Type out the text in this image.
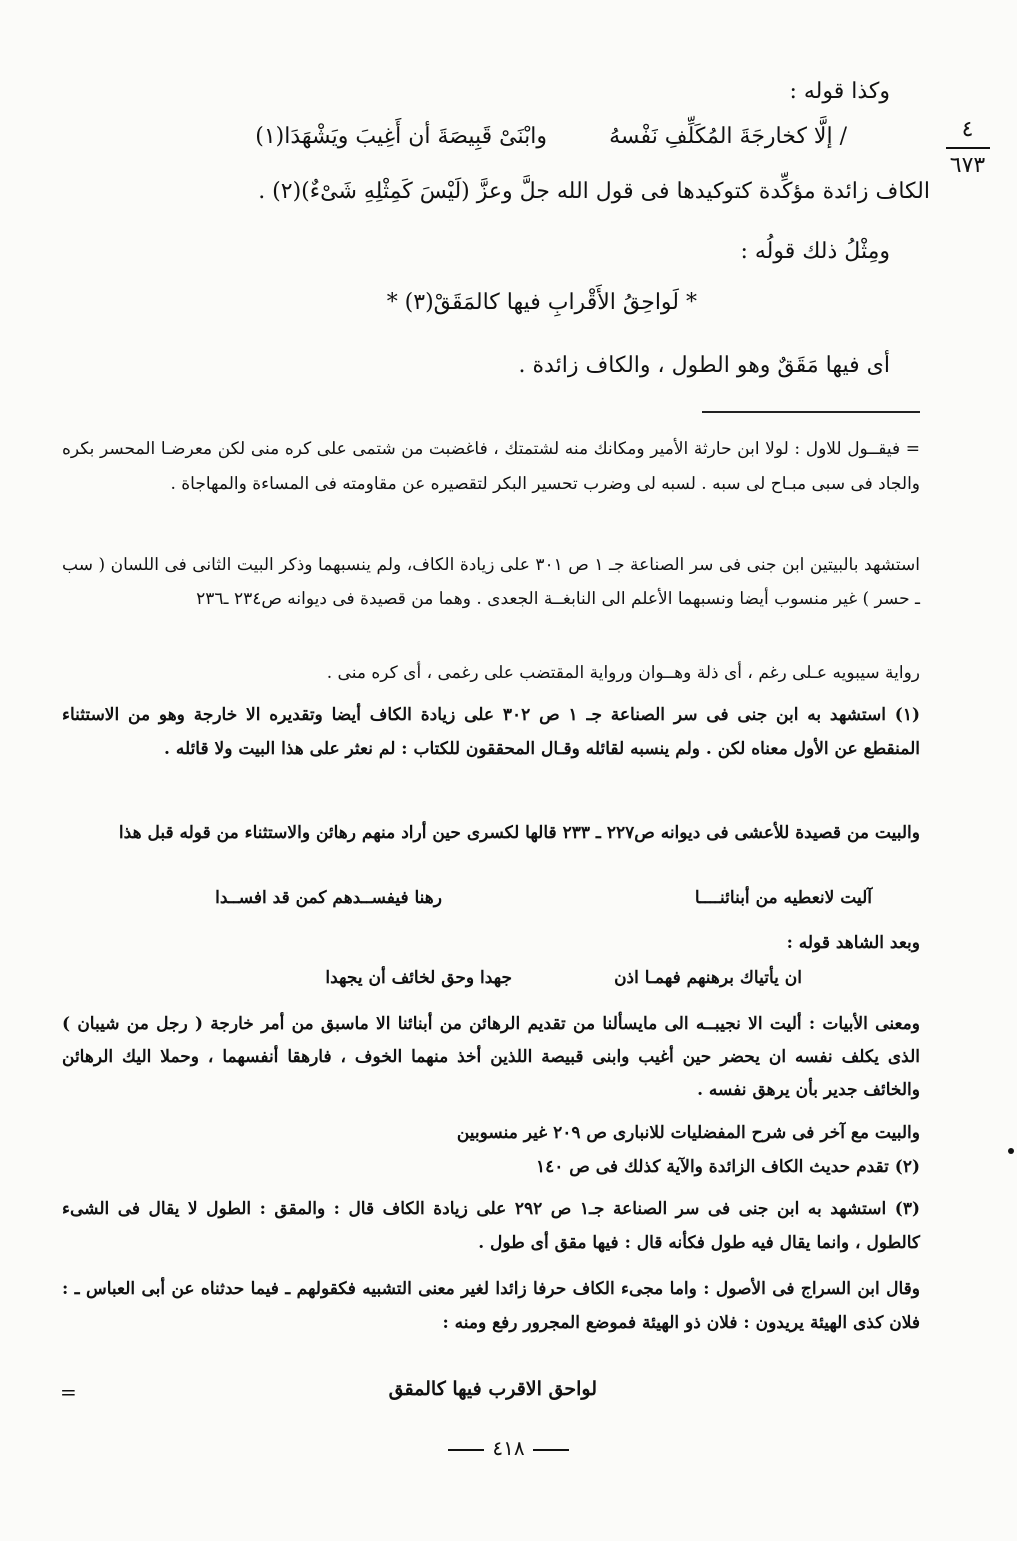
وكذا قوله :
/ إلَّا كخارجَةَ المُكَلِّفِ نَفْسهُ
وابْنَىْ قَبِيصَةَ أن أَغِيبَ ويَشْهَدَا(١)
الكاف زائدة مؤكِّدة كتوكيدها فى قول الله جلَّ وعزَّ (لَيْسَ كَمِثْلِهِ شَىْءٌ)(٢) .
ومِثْلُ ذلك قولُه :
* لَواحِقُ الأَقْرابِ فيها كالمَقَقْ(٣) *
أى فيها مَقَقٌ وهو الطول ، والكاف زائدة .
٤
٦٧٣

= فيقــول للاول : لولا ابن حارثة الأمير ومكانك منه لشتمتك ، فاغضبت من شتمى على كره منى لكن معرضـا المحسر بكره والجاد فى سبى مبـاح لى سبه . لسبه لى وضرب تحسير البكر لتقصيره عن مقاومته فى المساءة والمهاجاة .

استشهد بالبيتين ابن جنى فى سر الصناعة جـ ١ ص ٣٠١ على زيادة الكاف، ولم ينسبهما وذكر البيت الثانى فى اللسان ( سب ـ حسر ) غير منسوب أيضا ونسبهما الأعلم الى النابغــة الجعدى . وهما من قصيدة فى ديوانه ص٢٣٤ ـ٢٣٦

رواية سيبويه عـلى رغم ، أى ذلة وهــوان ورواية المقتضب على رغمى ، أى كره منى .

(١) استشهد به ابن جنى فى سر الصناعة جـ ١ ص ٣٠٢ على زيادة الكاف أيضا وتقديره الا خارجة وهو من الاستثناء المنقطع عن الأول معناه لكن . ولم ينسبه لقائله وقـال المحققون للكتاب : لم نعثر على هذا البيت ولا قائله .

والبيت من قصيدة للأعشى فى ديوانه ص٢٢٧ ـ ٢٣٣ قالها لكسرى حين أراد منهم رهائن والاستثناء من قوله قبل هذا

آليت لانعطيه من أبنائنــــا
رهنا فيفســدهم كمن قد افســدا

وبعد الشاهد قوله :

ان يأتياك برهنهم فهمـا اذن
جهدا وحق لخائف أن يجهدا

ومعنى الأبيات : أليت الا نجيبــه الى مايسألنا من تقديم الرهائن من أبنائنا الا ماسبق من أمر خارجة ( رجل من شيبان ) الذى يكلف نفسه ان يحضر حين أغيب وابنى قبيصة اللذين أخذ منهما الخوف ، فارهقا أنفسهما ، وحملا اليك الرهائن والخائف جدير بأن يرهق نفسه .

والبيت مع آخر فى شرح المفضليات للانبارى ص ٢٠٩ غير منسوبين

(٢) تقدم حديث الكاف الزائدة والآية كذلك فى ص ١٤٠

(٣) استشهد به ابن جنى فى سر الصناعة جـ١ ص ٢٩٢ على زيادة الكاف قال : والمقق : الطول لا يقال فى الشىء كالطول ، وانما يقال فيه طول فكأنه قال : فيها مقق أى طول .

وقال ابن السراج فى الأصول : واما مجىء الكاف حرفا زائدا لغير معنى التشبيه فكقولهم ـ فيما حدثناه عن أبى العباس ـ : فلان كذى الهيئة يريدون : فلان ذو الهيئة فموضع المجرور رفع ومنه :

لواحق الاقرب فيها كالمقق
=
٤١٨
